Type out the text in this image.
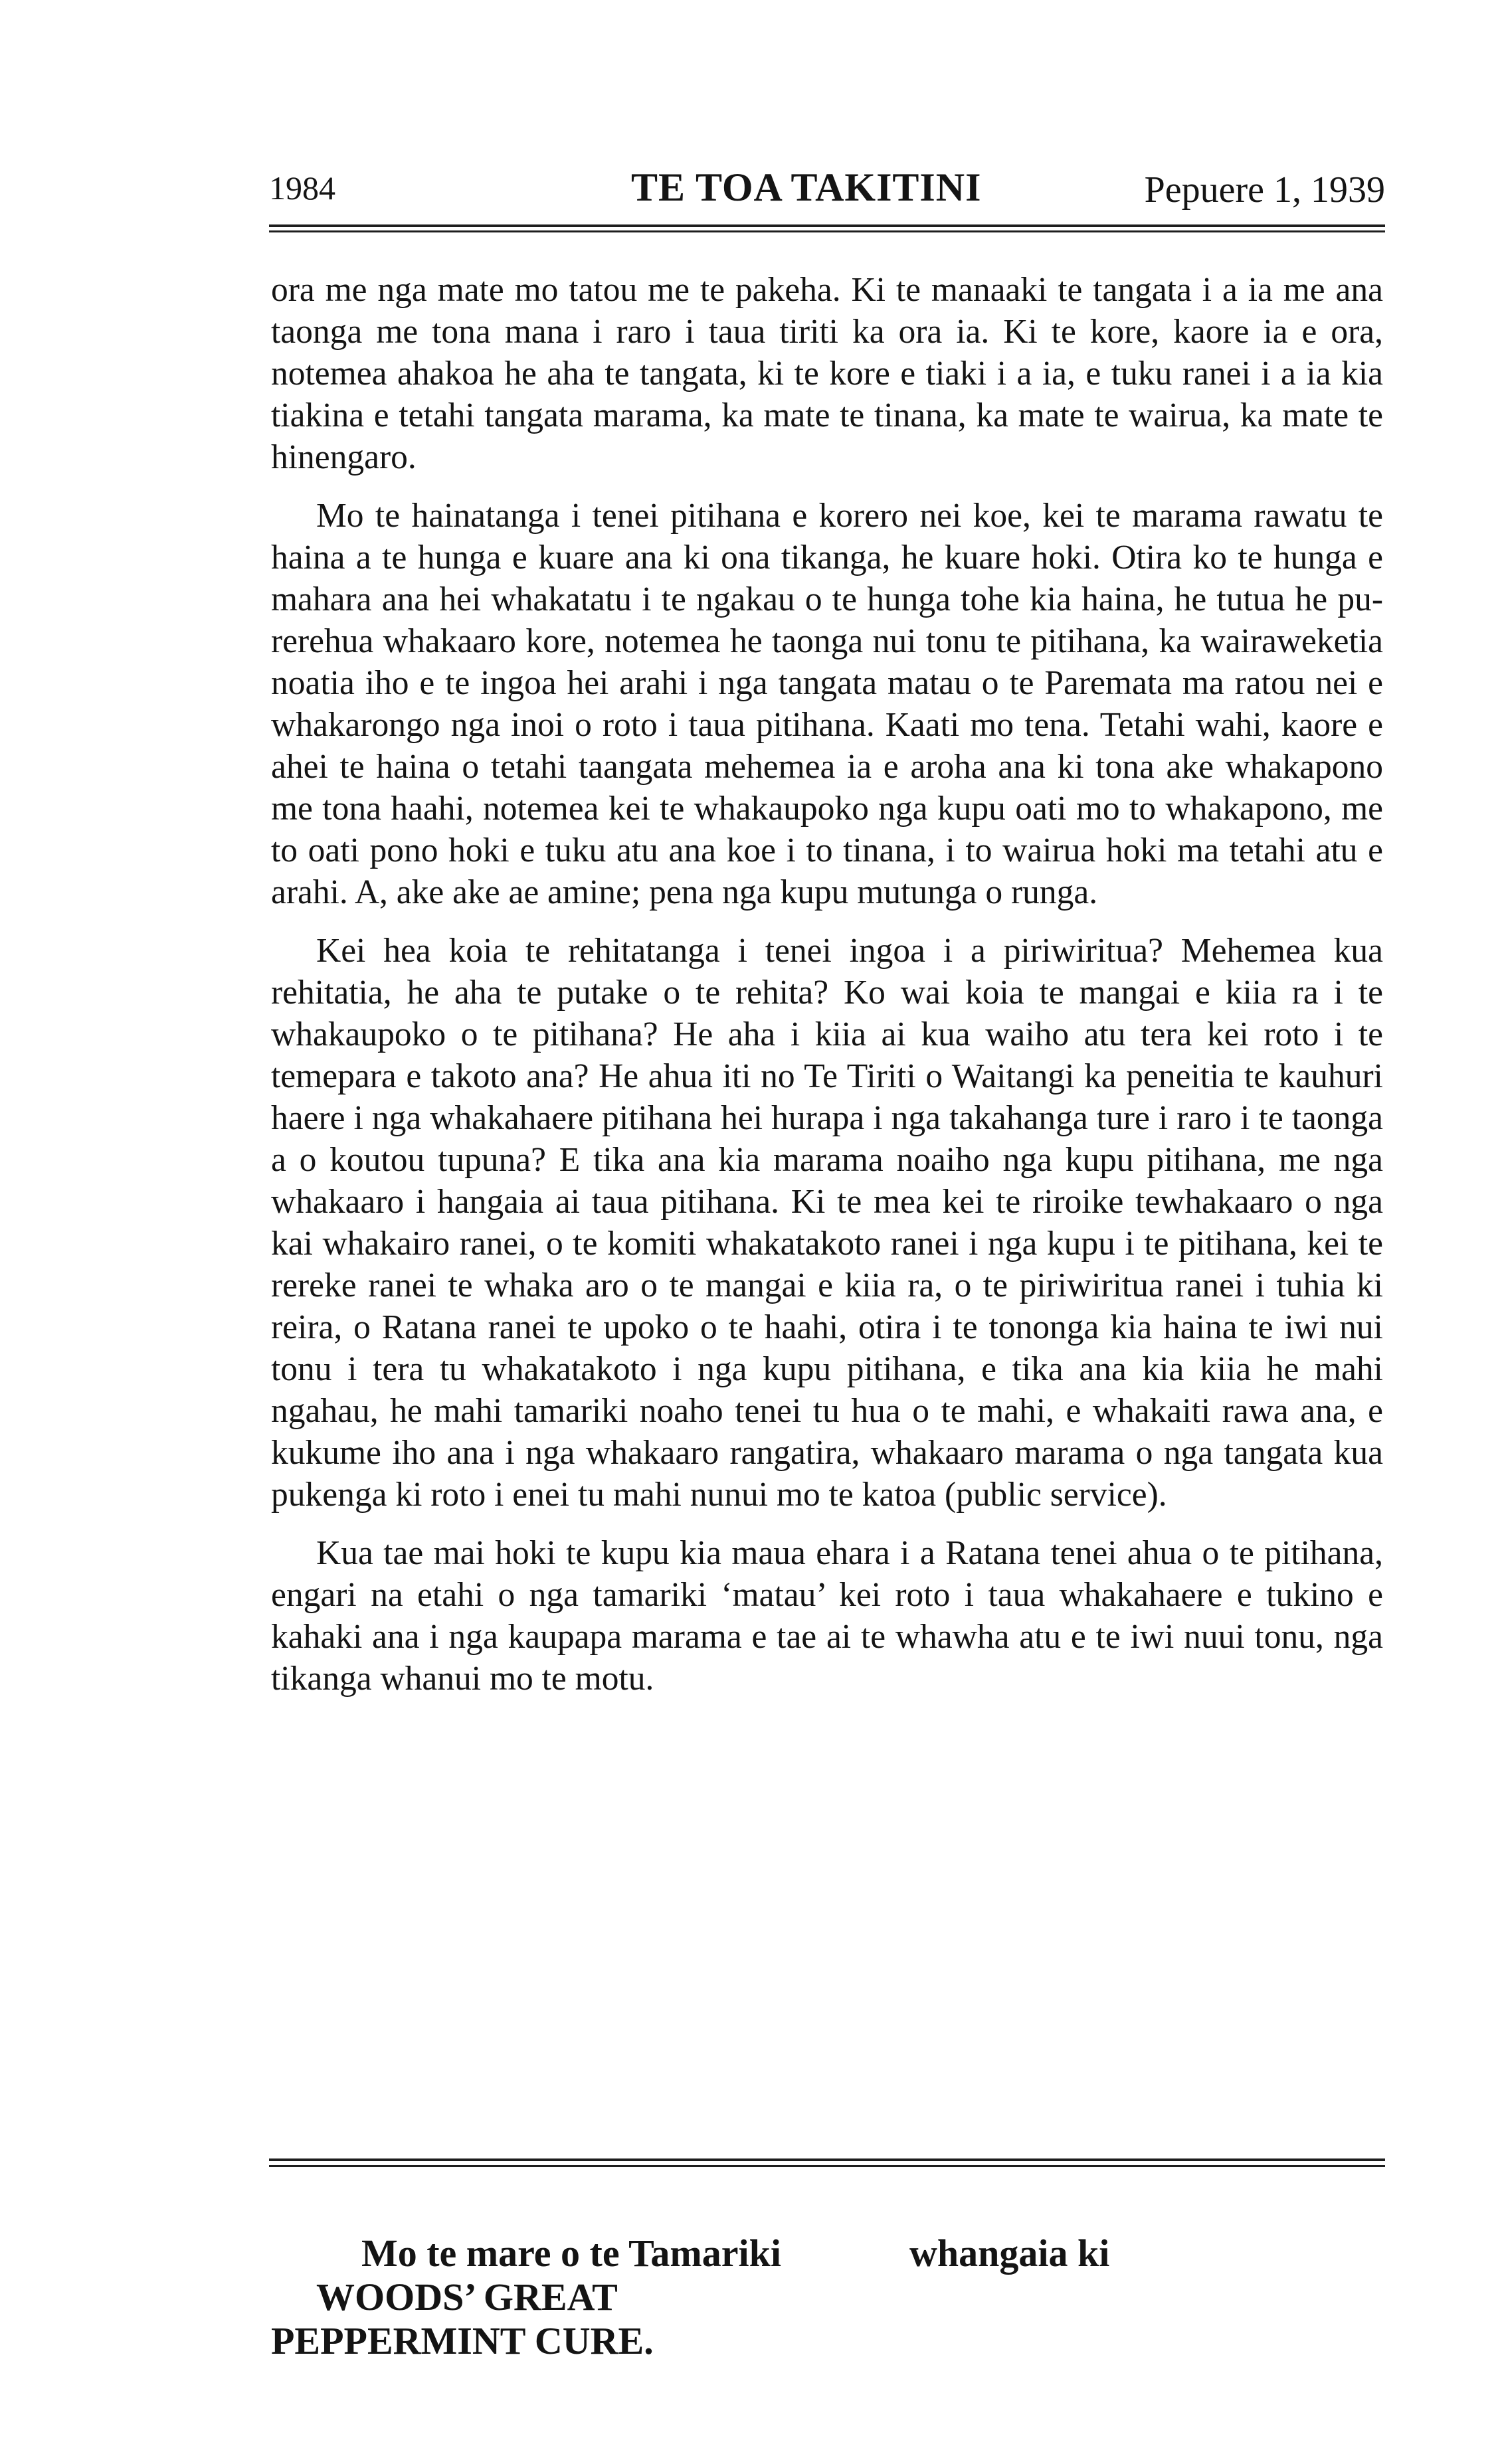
1984	TE TOA TAKITINI	Pepuere 1, 1939

ora me nga mate mo tatou me te pakeha. Ki te manaaki te tangata i a ia me ana taonga me tona mana i raro i taua tiriti ka ora ia. Ki te kore, kaore ia e ora, notemea ahakoa he aha te tangata, ki te kore e tiaki i a ia, e tuku ranei i a ia kia tiakina e tetahi tangata marama, ka mate te tinana, ka mate te wairua, ka mate te hinengaro.

Mo te hainatanga i tenei pitihana e korero nei koe, kei te marama rawatu te haina a te hunga e kuare ana ki ona tikanga, he kuare hoki. Otira ko te hunga e mahara ana hei whakatatu i te ngakau o te hunga tohe kia haina, he tutua he purerehua whakaaro kore, notemea he taonga nui tonu te pitihana, ka wairaweketia noatia iho e te ingoa hei arahi i nga tangata matau o te Paremata ma ratou nei e whakarongo nga inoi o roto i taua pitihana. Kaati mo tena. Tetahi wahi, kaore e ahei te haina o tetahi taangata mehemea ia e aroha ana ki tona ake whakapono me tona haahi, notemea kei te whakaupoko nga kupu oati mo to whakapono, me to oati pono hoki e tuku atu ana koe i to tinana, i to wairua hoki ma tetahi atu e arahi. A, ake ake ae amine; pena nga kupu mutunga o runga.

Kei hea koia te rehitatanga i tenei ingoa i a piriwiritua? Mehemea kua rehitatia, he aha te putake o te rehita? Ko wai koia te mangai e kiia ra i te whakaupoko o te pitihana? He aha i kiia ai kua waiho atu tera kei roto i te temepara e takoto ana? He ahua iti no Te Tiriti o Waitangi ka peneitia te kauhuri haere i nga whakahaere pitihana hei hurapa i nga takahanga ture i raro i te taonga a o koutou tupuna? E tika ana kia marama noaiho nga kupu pitihana, me nga whakaaro i hangaia ai taua pitihana. Ki te mea kei te riroike tewhakaaro o nga kai whakairo ranei, o te komiti whakatakoto ranei i nga kupu i te pitihana, kei te rereke ranei te whaka aro o te mangai e kiia ra, o te piriwiritua ranei i tuhia ki reira, o Ratana ranei te upoko o te haahi, otira i te tononga kia haina te iwi nui tonu i tera tu whakatakoto i nga kupu pitihana, e tika ana kia kiia he mahi ngahau, he mahi tamariki noaho tenei tu hua o te mahi, e whakaiti rawa ana, e kukume iho ana i nga whakaaro rangatira, whakaaro marama o nga tangata kua pukenga ki roto i enei tu mahi nunui mo te katoa (public service).

Kua tae mai hoki te kupu kia maua ehara i a Ratana tenei ahua o te pitihana, engari na etahi o nga tamariki ‘matau’ kei roto i taua whakahaere e tukino e kahaki ana i nga kaupapa marama e tae ai te whawha atu e te iwi nuui tonu, nga tikanga whanui mo te motu.

Mo te mare o te Tamariki	whangaia kiWOODS’ GREAT
PEPPERMINT CURE.
